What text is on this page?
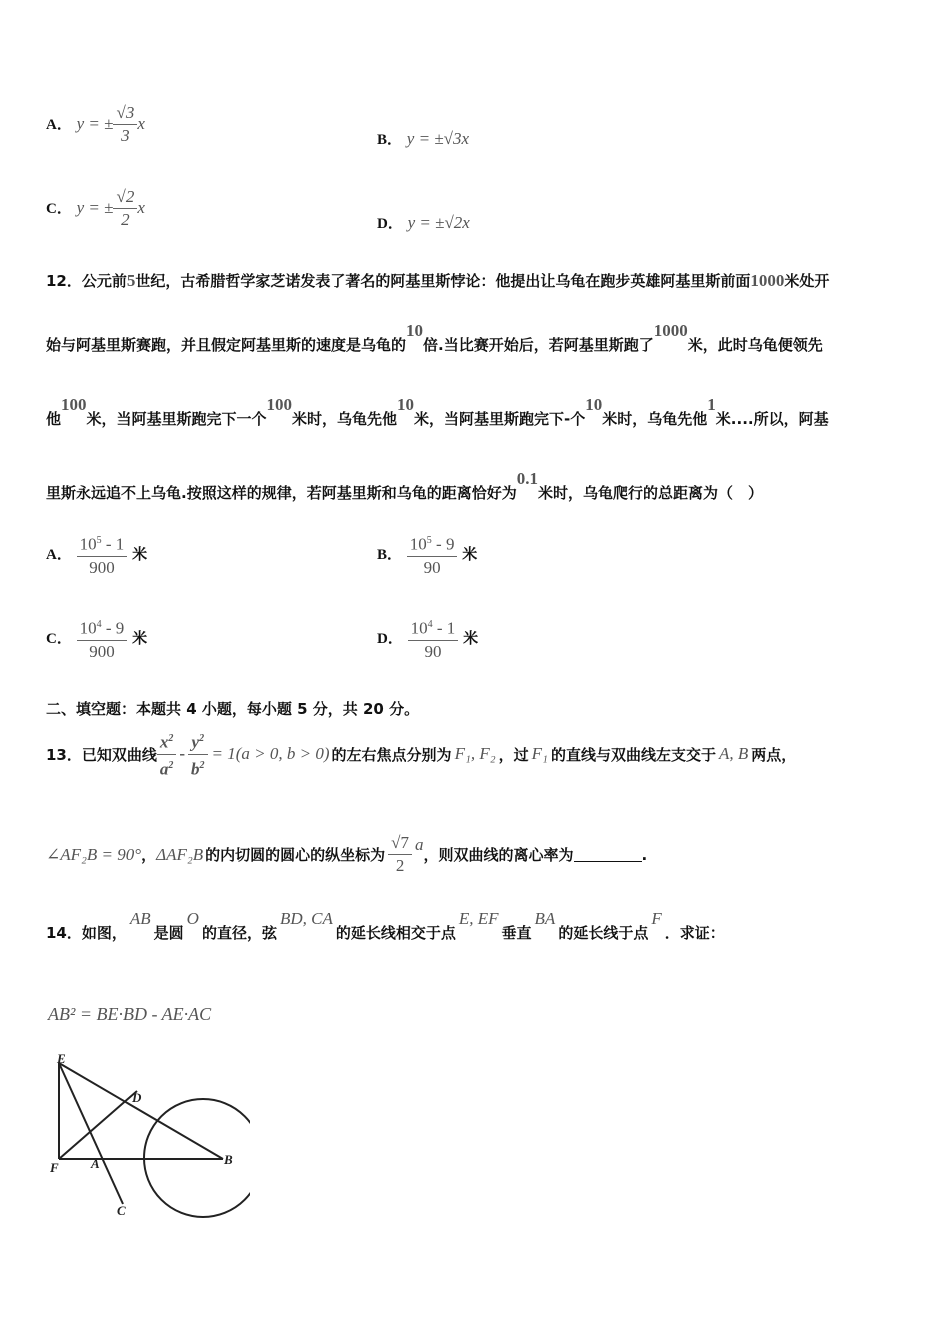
A． y = ± $\frac{√3}{3}$ x
B． y = ±√3x
C． y = ± $\frac{√2}{2}$ x
D． y = ±√2x
12．公元前5世纪，古希腊哲学家芝诺发表了著名的阿基里斯悖论：他提出让乌龟在跑步英雄阿基里斯前面1000米处开
始与阿基里斯赛跑，并且假定阿基里斯的速度是乌龟的10倍.当比赛开始后，若阿基里斯跑了1000米，此时乌龟便领先
他100米，当阿基里斯跑完下一个100米时，乌龟先他10米，当阿基里斯跑完下-个10米时，乌龟先他1米....所以，阿基
里斯永远追不上乌龟.按照这样的规律，若阿基里斯和乌龟的距离恰好为0.1米时，乌龟爬行的总距离为（　）
A． $\frac{10^5 - 1}{900}$ 米	B． $\frac{10^5 - 9}{90}$ 米
C． $\frac{10^4 - 9}{900}$ 米	D． $\frac{10^4 - 1}{90}$ 米
二、填空题：本题共 4 小题，每小题 5 分，共 20 分。
13．已知双曲线 $\frac{x^2}{a^2} - \frac{y^2}{b^2} = 1(a > 0$, b > 0) 的左右焦点分别为 F₁, F₂ ，过 F₁ 的直线与双曲线左支交于 A, B 两点，
∠AF₂B = 90° ， ΔAF₂B 的内切圆的圆心的纵坐标为 $\frac{√7}{2}$ a
，则双曲线的离心率为	.
14．如图，
AB
是圆
O
的直径，弦
BD, CA
的延长线相交于点
E, EF
垂直
BA
的延长线于点
F
．求证：
AB² = BE·BD - AE·AC
E
D
F A	B
C
